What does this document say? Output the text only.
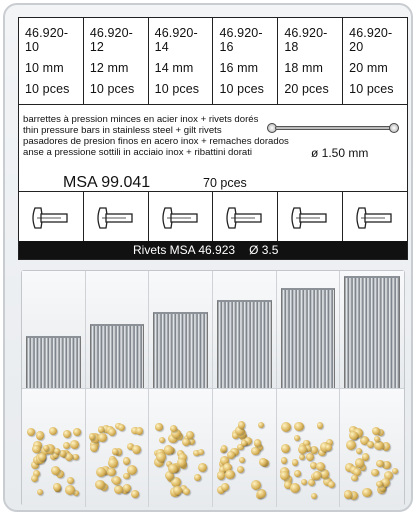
46.920-10
10 mm
10 pces
46.920-12
12 mm
10 pces
46.920-14
14 mm
10 pces
46.920-16
16 mm
10 pces
46.920-18
18 mm
20 pces
46.920-20
20 mm
10 pces
barrettes à pression minces en acier inox + rivets dorés
thin pressure bars in stainless steel + gilt rivets
pasadores de presion finos en acero inox + remaches dorados
anse a pressione sottili in acciaio inox + ribattini dorati	ø 1.50 mm
MSA 99.041	70 pces
Rivets MSA 46.923 Ø 3.5
